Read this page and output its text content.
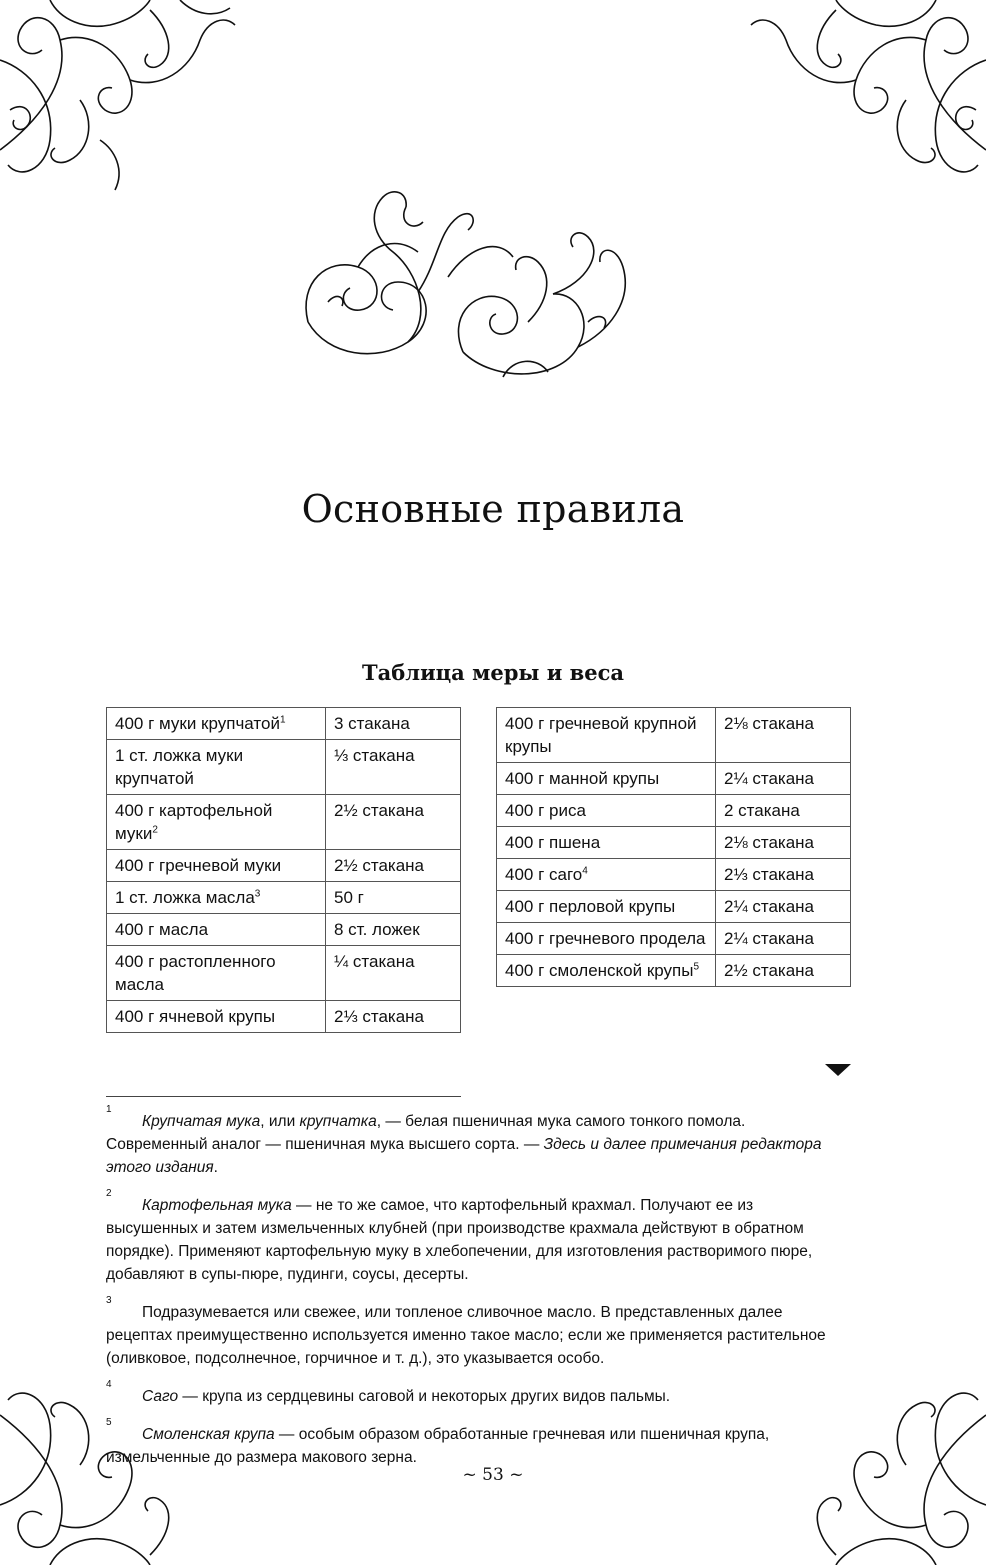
Основные правила
Таблица меры и веса
400 г муки крупчатой$^1$	3 стакана
1 ст. ложка муки крупчатой	⅓ стакана
400 г картофельной муки$^2$	2½ стакана
400 г гречневой муки	2½ стакана
1 ст. ложка масла$^3$	50 г
400 г масла	8 ст. ложек
400 г растопленного масла	¼ стакана
400 г ячневой крупы	2⅓ стакана
400 г гречневой крупной крупы	2⅛ стакана
400 г манной крупы	2¼ стакана
400 г риса	2 стакана
400 г пшена	2⅛ стакана
400 г саго$^4$	2⅓ стакана
400 г перловой крупы	2¼ стакана
400 г гречневого продела	2¼ стакана
400 г смоленской крупы$^5$	2½ стакана
1
Крупчатая мука, или крупчатка, — белая пшеничная мука самого тонкого помола. Современный аналог — пшеничная мука высшего сорта. — Здесь и далее примечания редактора этого издания.
2
Картофельная мука — не то же самое, что картофельный крахмал. Получают ее из высушенных и затем измельченных клубней (при производстве крахмала действуют в обратном порядке). Применяют картофельную муку в хлебопечении, для изготовления растворимого пюре, добавляют в супы-пюре, пудинги, соусы, десерты.
3
Подразумевается или свежее, или топленое сливочное масло. В представленных далее рецептах преимущественно используется именно такое масло; если же применяется растительное (оливковое, подсолнечное, горчичное и т. д.), это указывается особо.
4
Саго — крупа из сердцевины саговой и некоторых других видов пальмы.
5
Смоленская крупа — особым образом обработанные гречневая или пшеничная крупа, измельченные до размера макового зерна.
~ 53 ~
